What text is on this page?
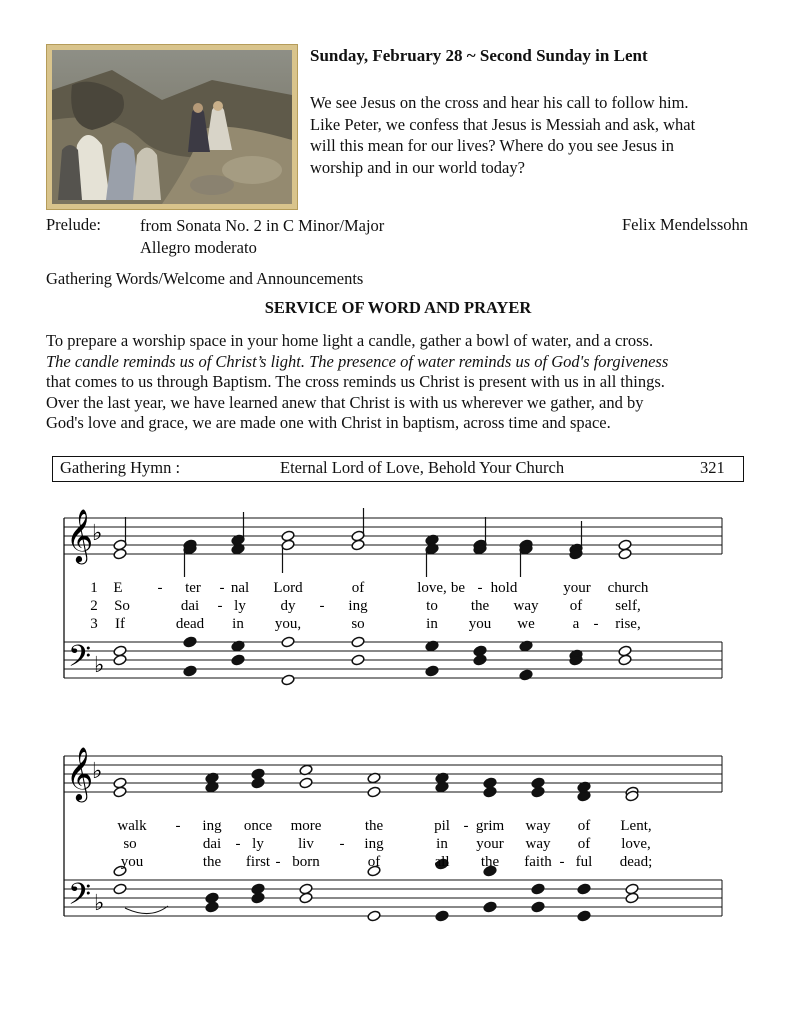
Sunday, February 28 ~ Second Sunday in Lent
We see Jesus on the cross and hear his call to follow him.
Like Peter, we confess that Jesus is Messiah and ask, what
will this mean for our lives? Where do you see Jesus in
worship and in our world today?
Prelude: from Sonata No. 2 in C Minor/Major
Allegro moderato
Felix Mendelssohn
Gathering Words/Welcome and Announcements
SERVICE OF WORD AND PRAYER
To prepare a worship space in your home light a candle, gather a bowl of water, and a cross.
The candle reminds us of Christ’s light. The presence of water reminds us of God's forgiveness
that comes to us through Baptism. The cross reminds us Christ is present with us in all things.
Over the last year, we have learned anew that Christ is with us wherever we gather, and by
God's love and grace, we are made one with Christ in baptism, across time and space.
Gathering Hymn :	Eternal Lord of Love, Behold Your Church	321
𝄞
♭
𝄢 ♭
1
2
3
E - ter - nal Lord	of	love, be - hold	your church
So	dai - ly dy - ing	to the way of self,
If	dead in you,	so	in you we	a - rise,
𝄞
♭
𝄢 ♭
walk - ing once more	the	pil - grim way of Lent,
so	dai - ly liv - ing	in your way of love,
you	the first - born	of	all the faith - ful dead;
